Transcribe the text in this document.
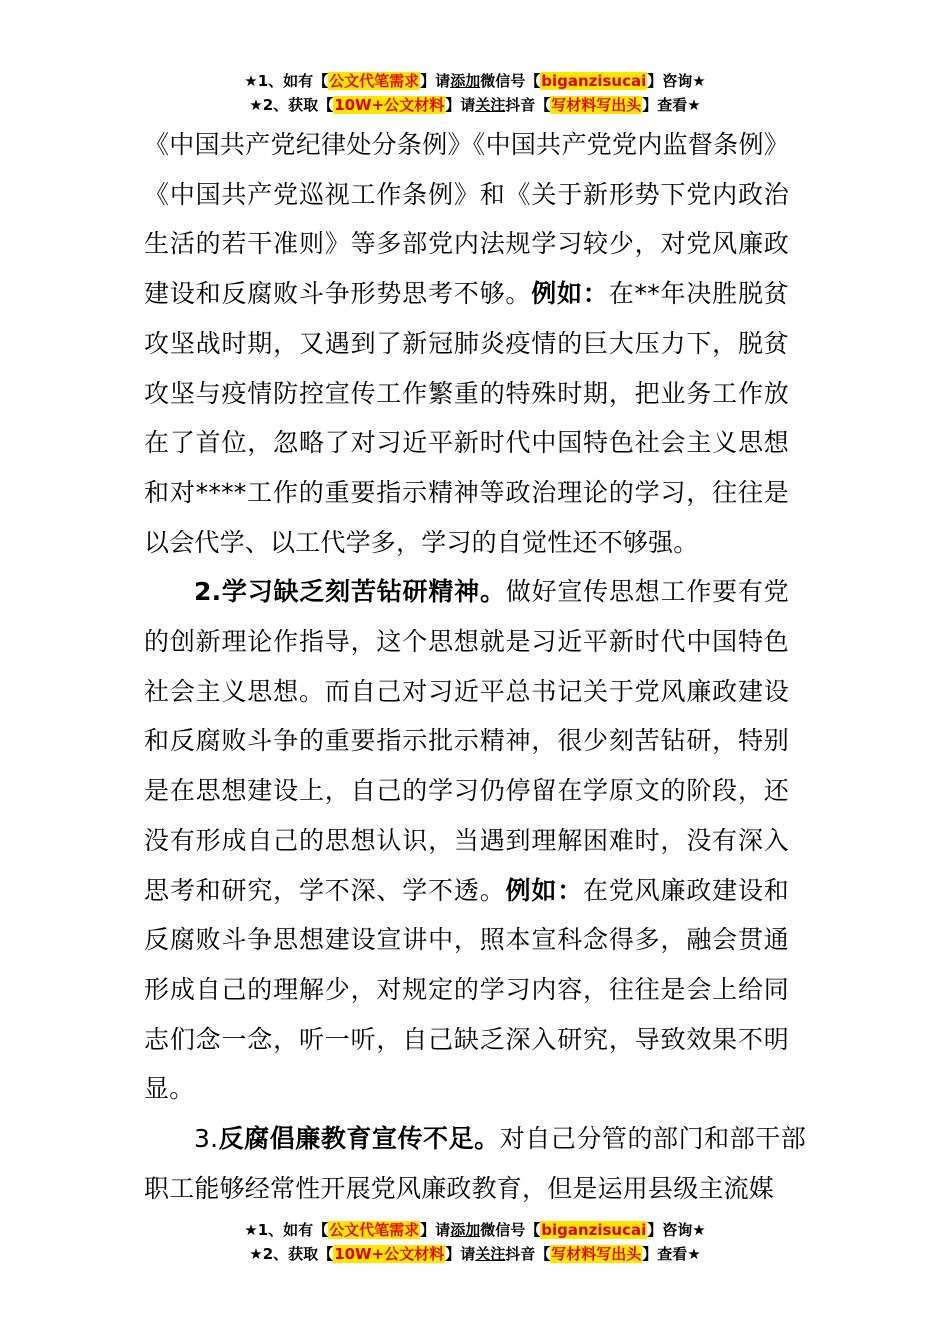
★1、如有【公文代笔需求】请添加微信号【biganzisucai】咨询★
★2、获取【10W+公文材料】请关注抖音【写材料写出头】查看★

《中国共产党纪律处分条例》《中国共产党党内监督条例》《中国共产党巡视工作条例》和《关于新形势下党内政治生活的若干准则》等多部党内法规学习较少，对党风廉政建设和反腐败斗争形势思考不够。例如：在**年决胜脱贫攻坚战时期，又遇到了新冠肺炎疫情的巨大压力下，脱贫攻坚与疫情防控宣传工作繁重的特殊时期，把业务工作放在了首位，忽略了对习近平新时代中国特色社会主义思想和对****工作的重要指示精神等政治理论的学习，往往是以会代学、以工代学多，学习的自觉性还不够强。

2.学习缺乏刻苦钻研精神。做好宣传思想工作要有党的创新理论作指导，这个思想就是习近平新时代中国特色社会主义思想。而自己对习近平总书记关于党风廉政建设和反腐败斗争的重要指示批示精神，很少刻苦钻研，特别是在思想建设上，自己的学习仍停留在学原文的阶段，还没有形成自己的思想认识，当遇到理解困难时，没有深入思考和研究，学不深、学不透。例如：在党风廉政建设和反腐败斗争思想建设宣讲中，照本宣科念得多，融会贯通形成自己的理解少，对规定的学习内容，往往是会上给同志们念一念，听一听，自己缺乏深入研究，导致效果不明显。

3.反腐倡廉教育宣传不足。对自己分管的部门和部干部职工能够经常性开展党风廉政教育，但是运用县级主流媒

★1、如有【公文代笔需求】请添加微信号【biganzisucai】咨询★
★2、获取【10W+公文材料】请关注抖音【写材料写出头】查看★
